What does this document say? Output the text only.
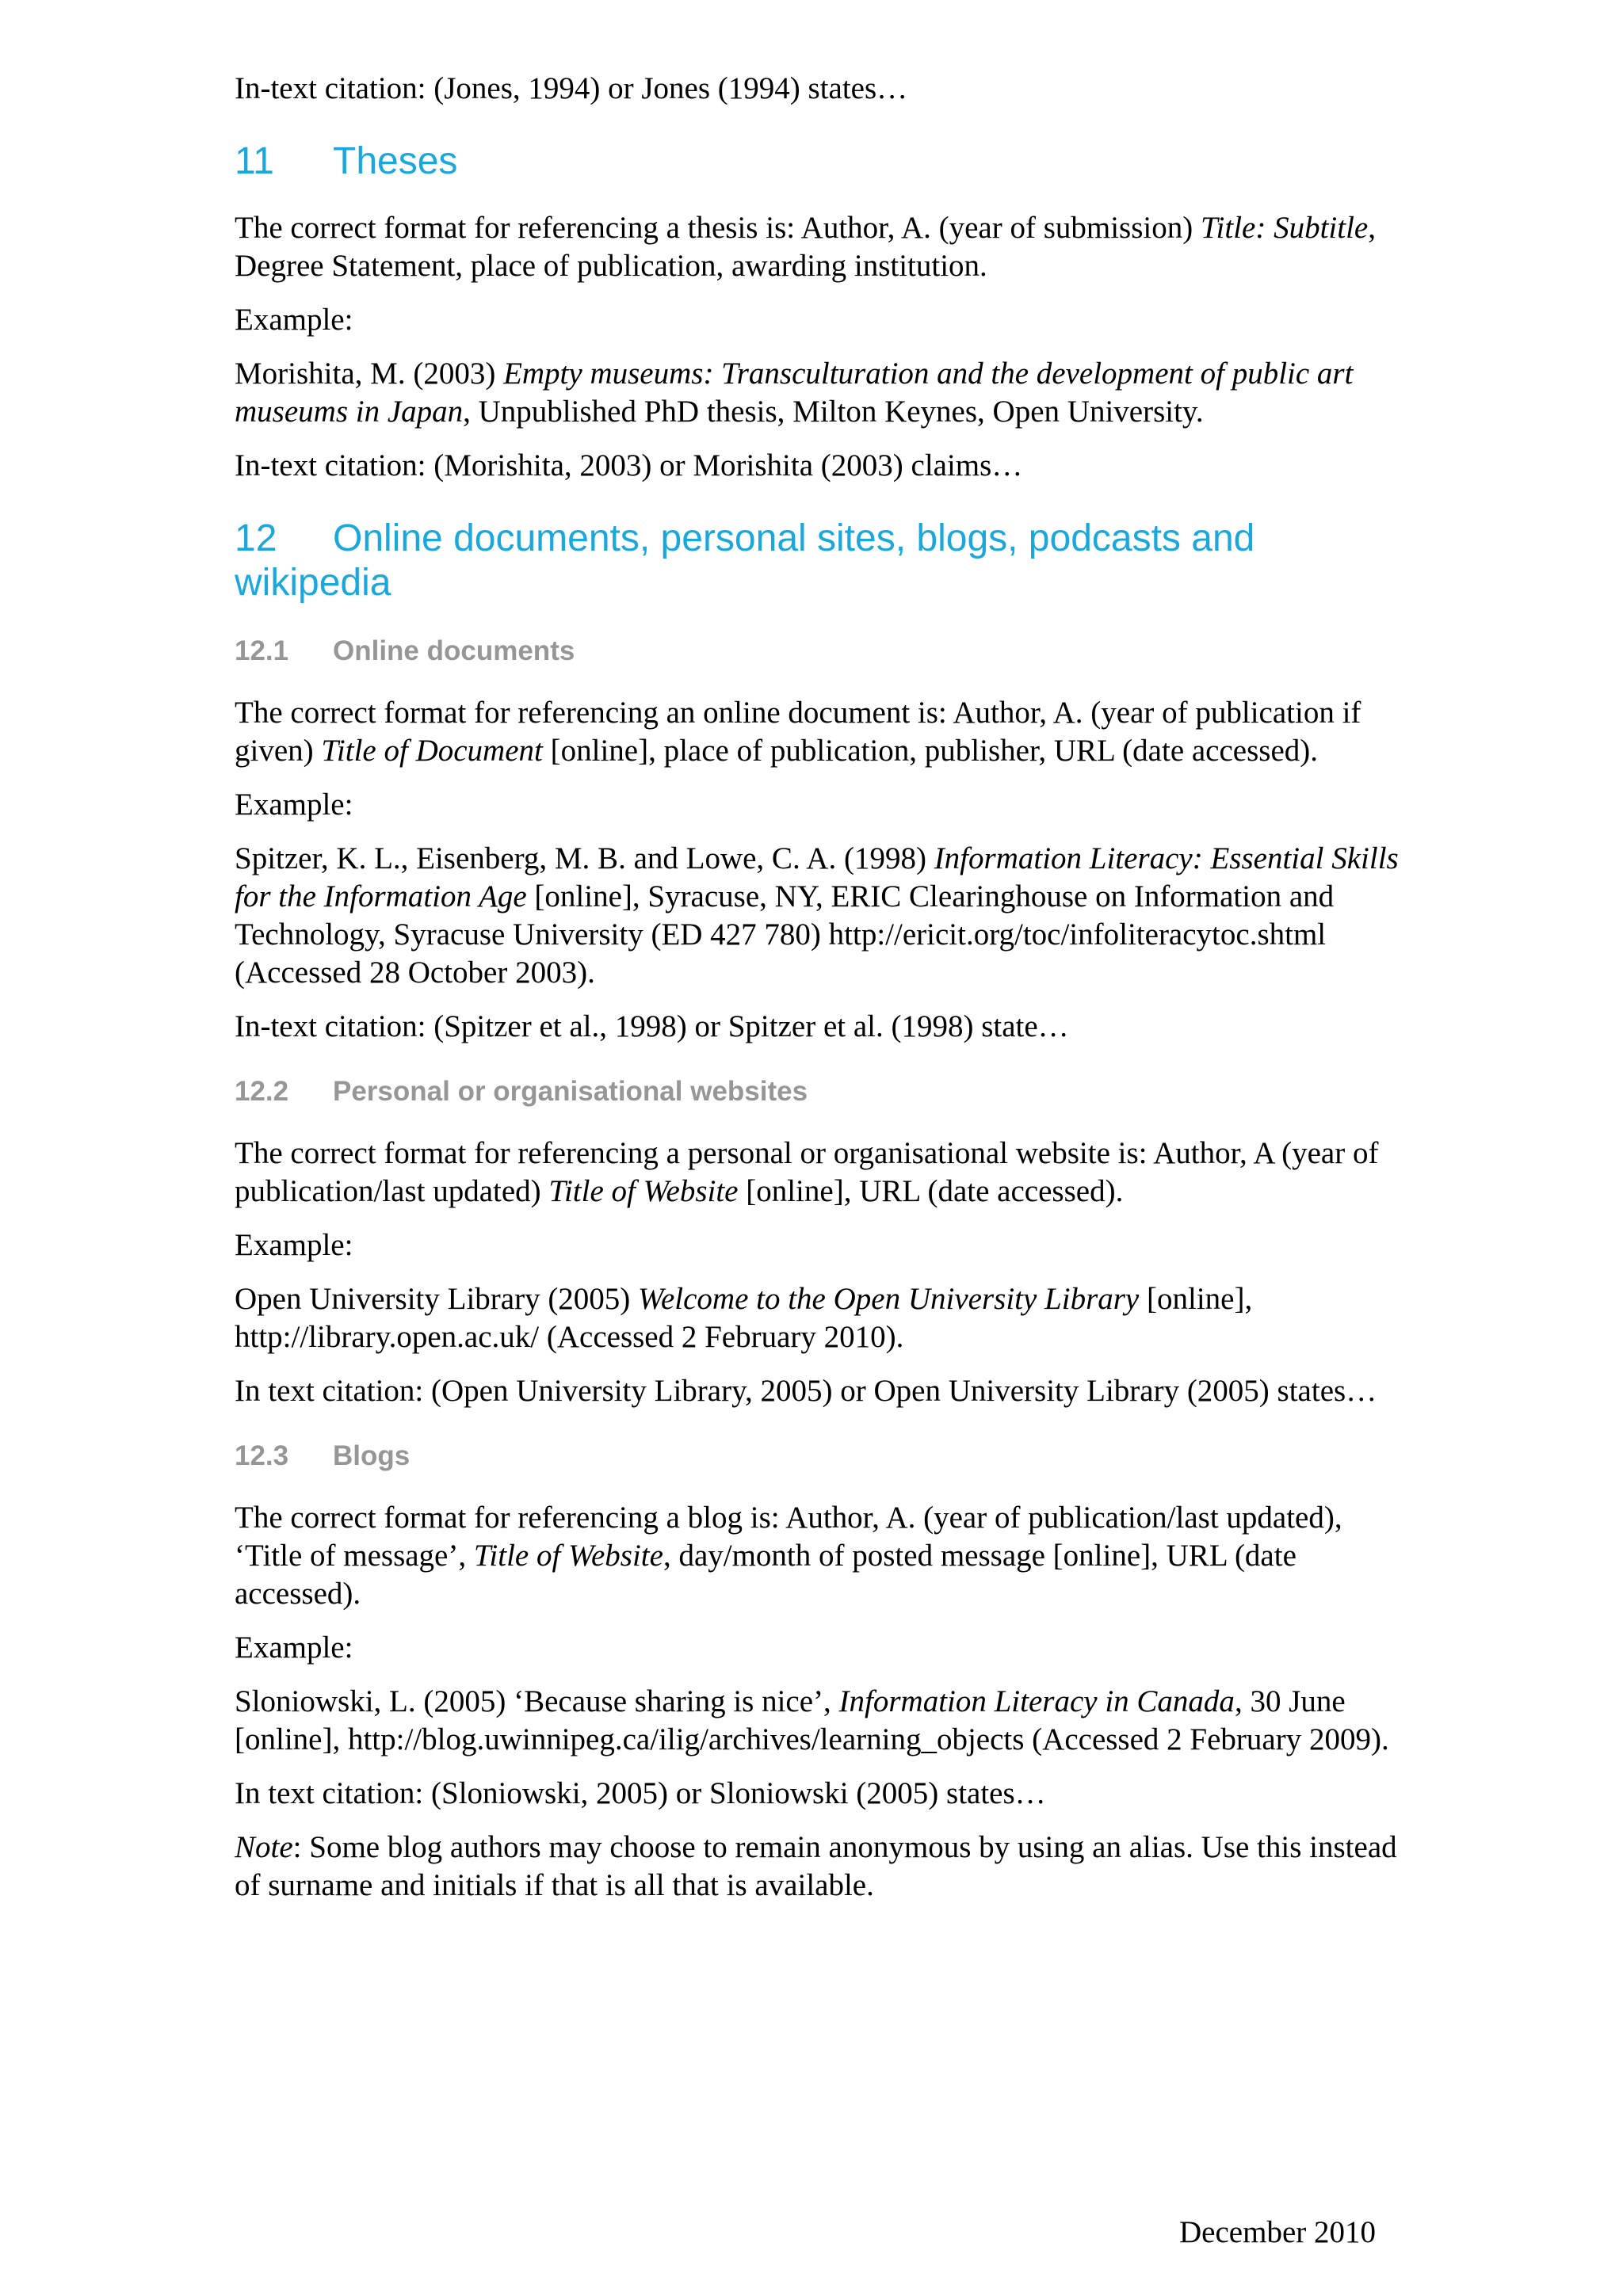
In-text citation: (Jones, 1994) or Jones (1994) states…

11	Theses

The correct format for referencing a thesis is: Author, A. (year of submission) Title: Subtitle, Degree Statement, place of publication, awarding institution.

Example:

Morishita, M. (2003) Empty museums: Transculturation and the development of public art museums in Japan, Unpublished PhD thesis, Milton Keynes, Open University.

In-text citation: (Morishita, 2003) or Morishita (2003) claims…

12 Online documents, personal sites, blogs, podcasts and wikipedia
12.1	Online documents

The correct format for referencing an online document is: Author, A. (year of publication if given) Title of Document [online], place of publication, publisher, URL (date accessed).

Example:

Spitzer, K. L., Eisenberg, M. B. and Lowe, C. A. (1998) Information Literacy: Essential Skills for the Information Age [online], Syracuse, NY, ERIC Clearinghouse on Information and Technology, Syracuse University (ED 427 780) http://ericit.org/toc/infoliteracytoc.shtml (Accessed 28 October 2003).

In-text citation: (Spitzer et al., 1998) or Spitzer et al. (1998) state…

12.2	Personal or organisational websites

The correct format for referencing a personal or organisational website is: Author, A (year of publication/last updated) Title of Website [online], URL (date accessed).

Example:

Open University Library (2005) Welcome to the Open University Library [online], http://library.open.ac.uk/ (Accessed 2 February 2010).

In text citation: (Open University Library, 2005) or Open University Library (2005) states…

12.3	Blogs

The correct format for referencing a blog is: Author, A. (year of publication/last updated), ‘Title of message’, Title of Website, day/month of posted message [online], URL (date accessed).

Example:

Sloniowski, L. (2005) ‘Because sharing is nice’, Information Literacy in Canada, 30 June [online], http://blog.uwinnipeg.ca/ilig/archives/learning_objects (Accessed 2 February 2009).

In text citation: (Sloniowski, 2005) or Sloniowski (2005) states…

Note: Some blog authors may choose to remain anonymous by using an alias. Use this instead of surname and initials if that is all that is available.

December 2010
